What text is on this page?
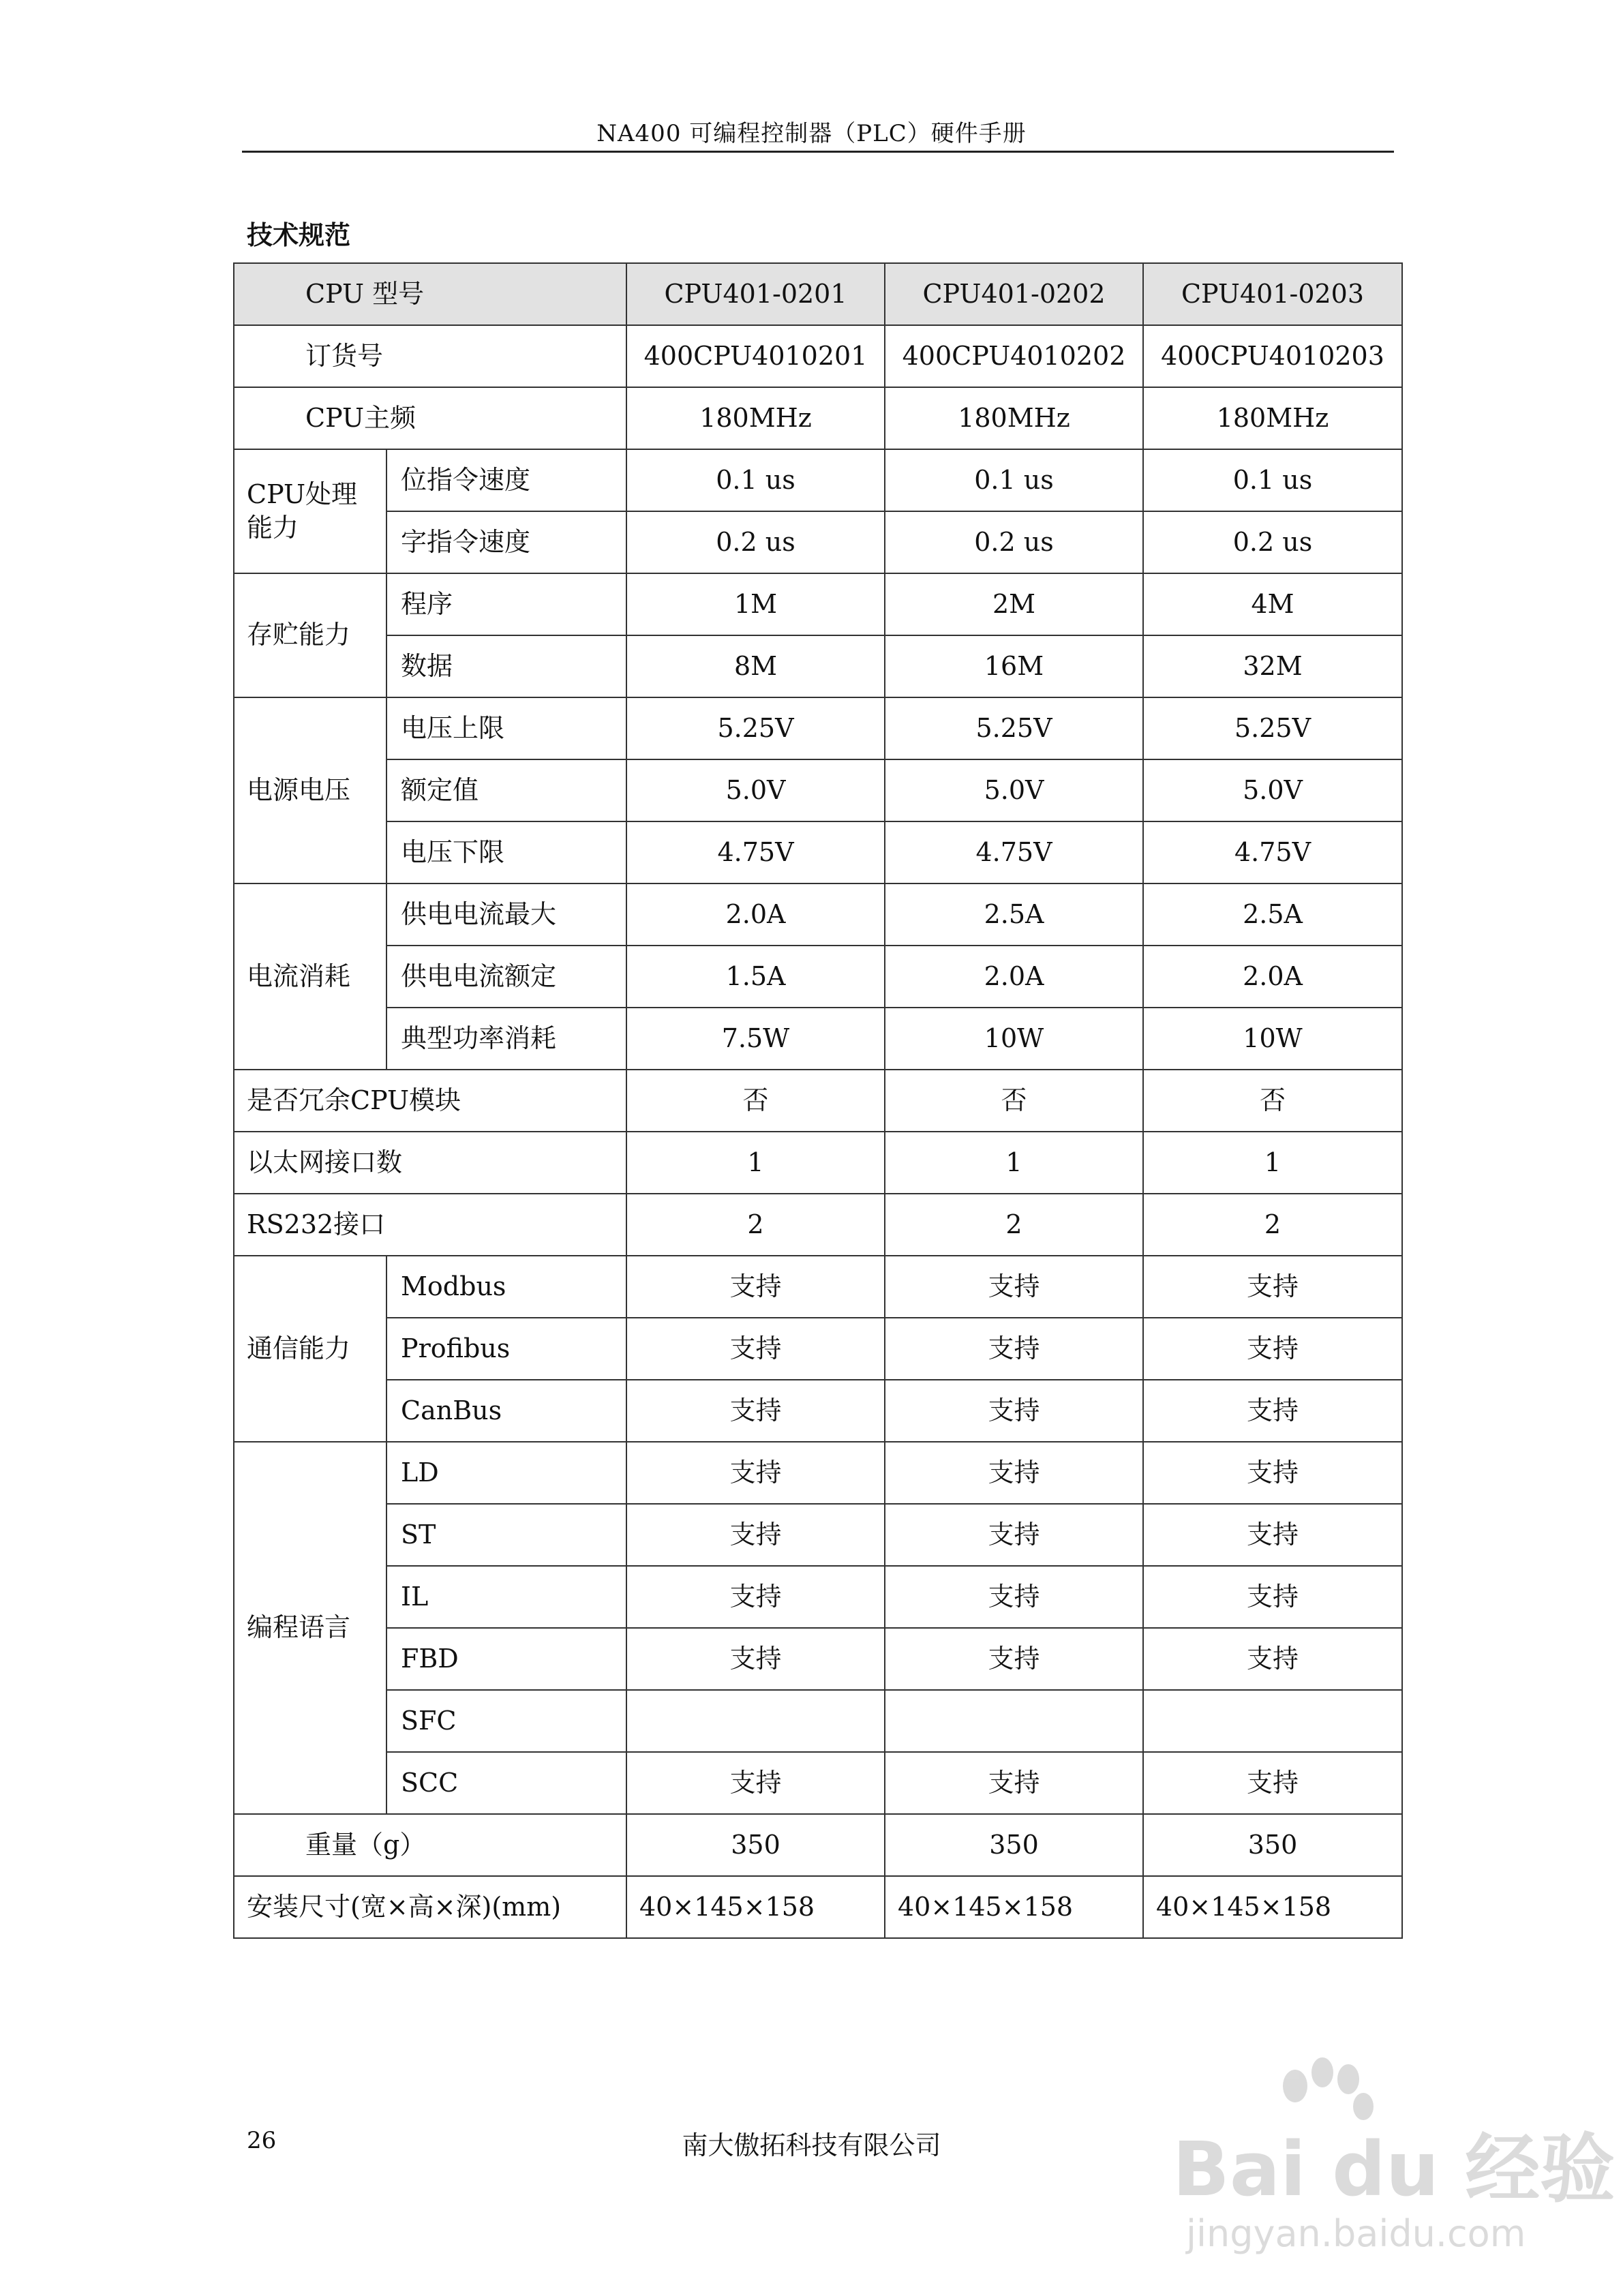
NA400 可编程控制器（PLC）硬件手册
技术规范
CPU 型号		CPU401-0201	CPU401-0202	CPU401-0203
订货号		400CPU4010201	400CPU4010202	400CPU4010203
CPU主频		180MHz	180MHz	180MHz
CPU处理能力	位指令速度	0.1 us	0.1 us	0.1 us
	字指令速度	0.2 us	0.2 us	0.2 us
存贮能力	程序	1M	2M	4M
	数据	8M	16M	32M
电源电压	电压上限	5.25V	5.25V	5.25V
	额定值	5.0V	5.0V	5.0V
	电压下限	4.75V	4.75V	4.75V
电流消耗	供电电流最大	2.0A	2.5A	2.5A
	供电电流额定	1.5A	2.0A	2.0A
	典型功率消耗	7.5W	10W	10W
是否冗余CPU模块		否	否	否
以太网接口数		1	1	1
RS232接口		2	2	2
通信能力	Modbus	支持	支持	支持
	Profibus	支持	支持	支持
	CanBus	支持	支持	支持
编程语言	LD	支持	支持	支持
	ST	支持	支持	支持
	IL	支持	支持	支持
	FBD	支持	支持	支持
	SFC			
	SCC	支持	支持	支持
重量（g）		350	350	350
安装尺寸(宽×高×深)(mm)		40×145×158	40×145×158	40×145×158
26	南大傲拓科技有限公司	Bai du 经验
jingyan.baidu.com
